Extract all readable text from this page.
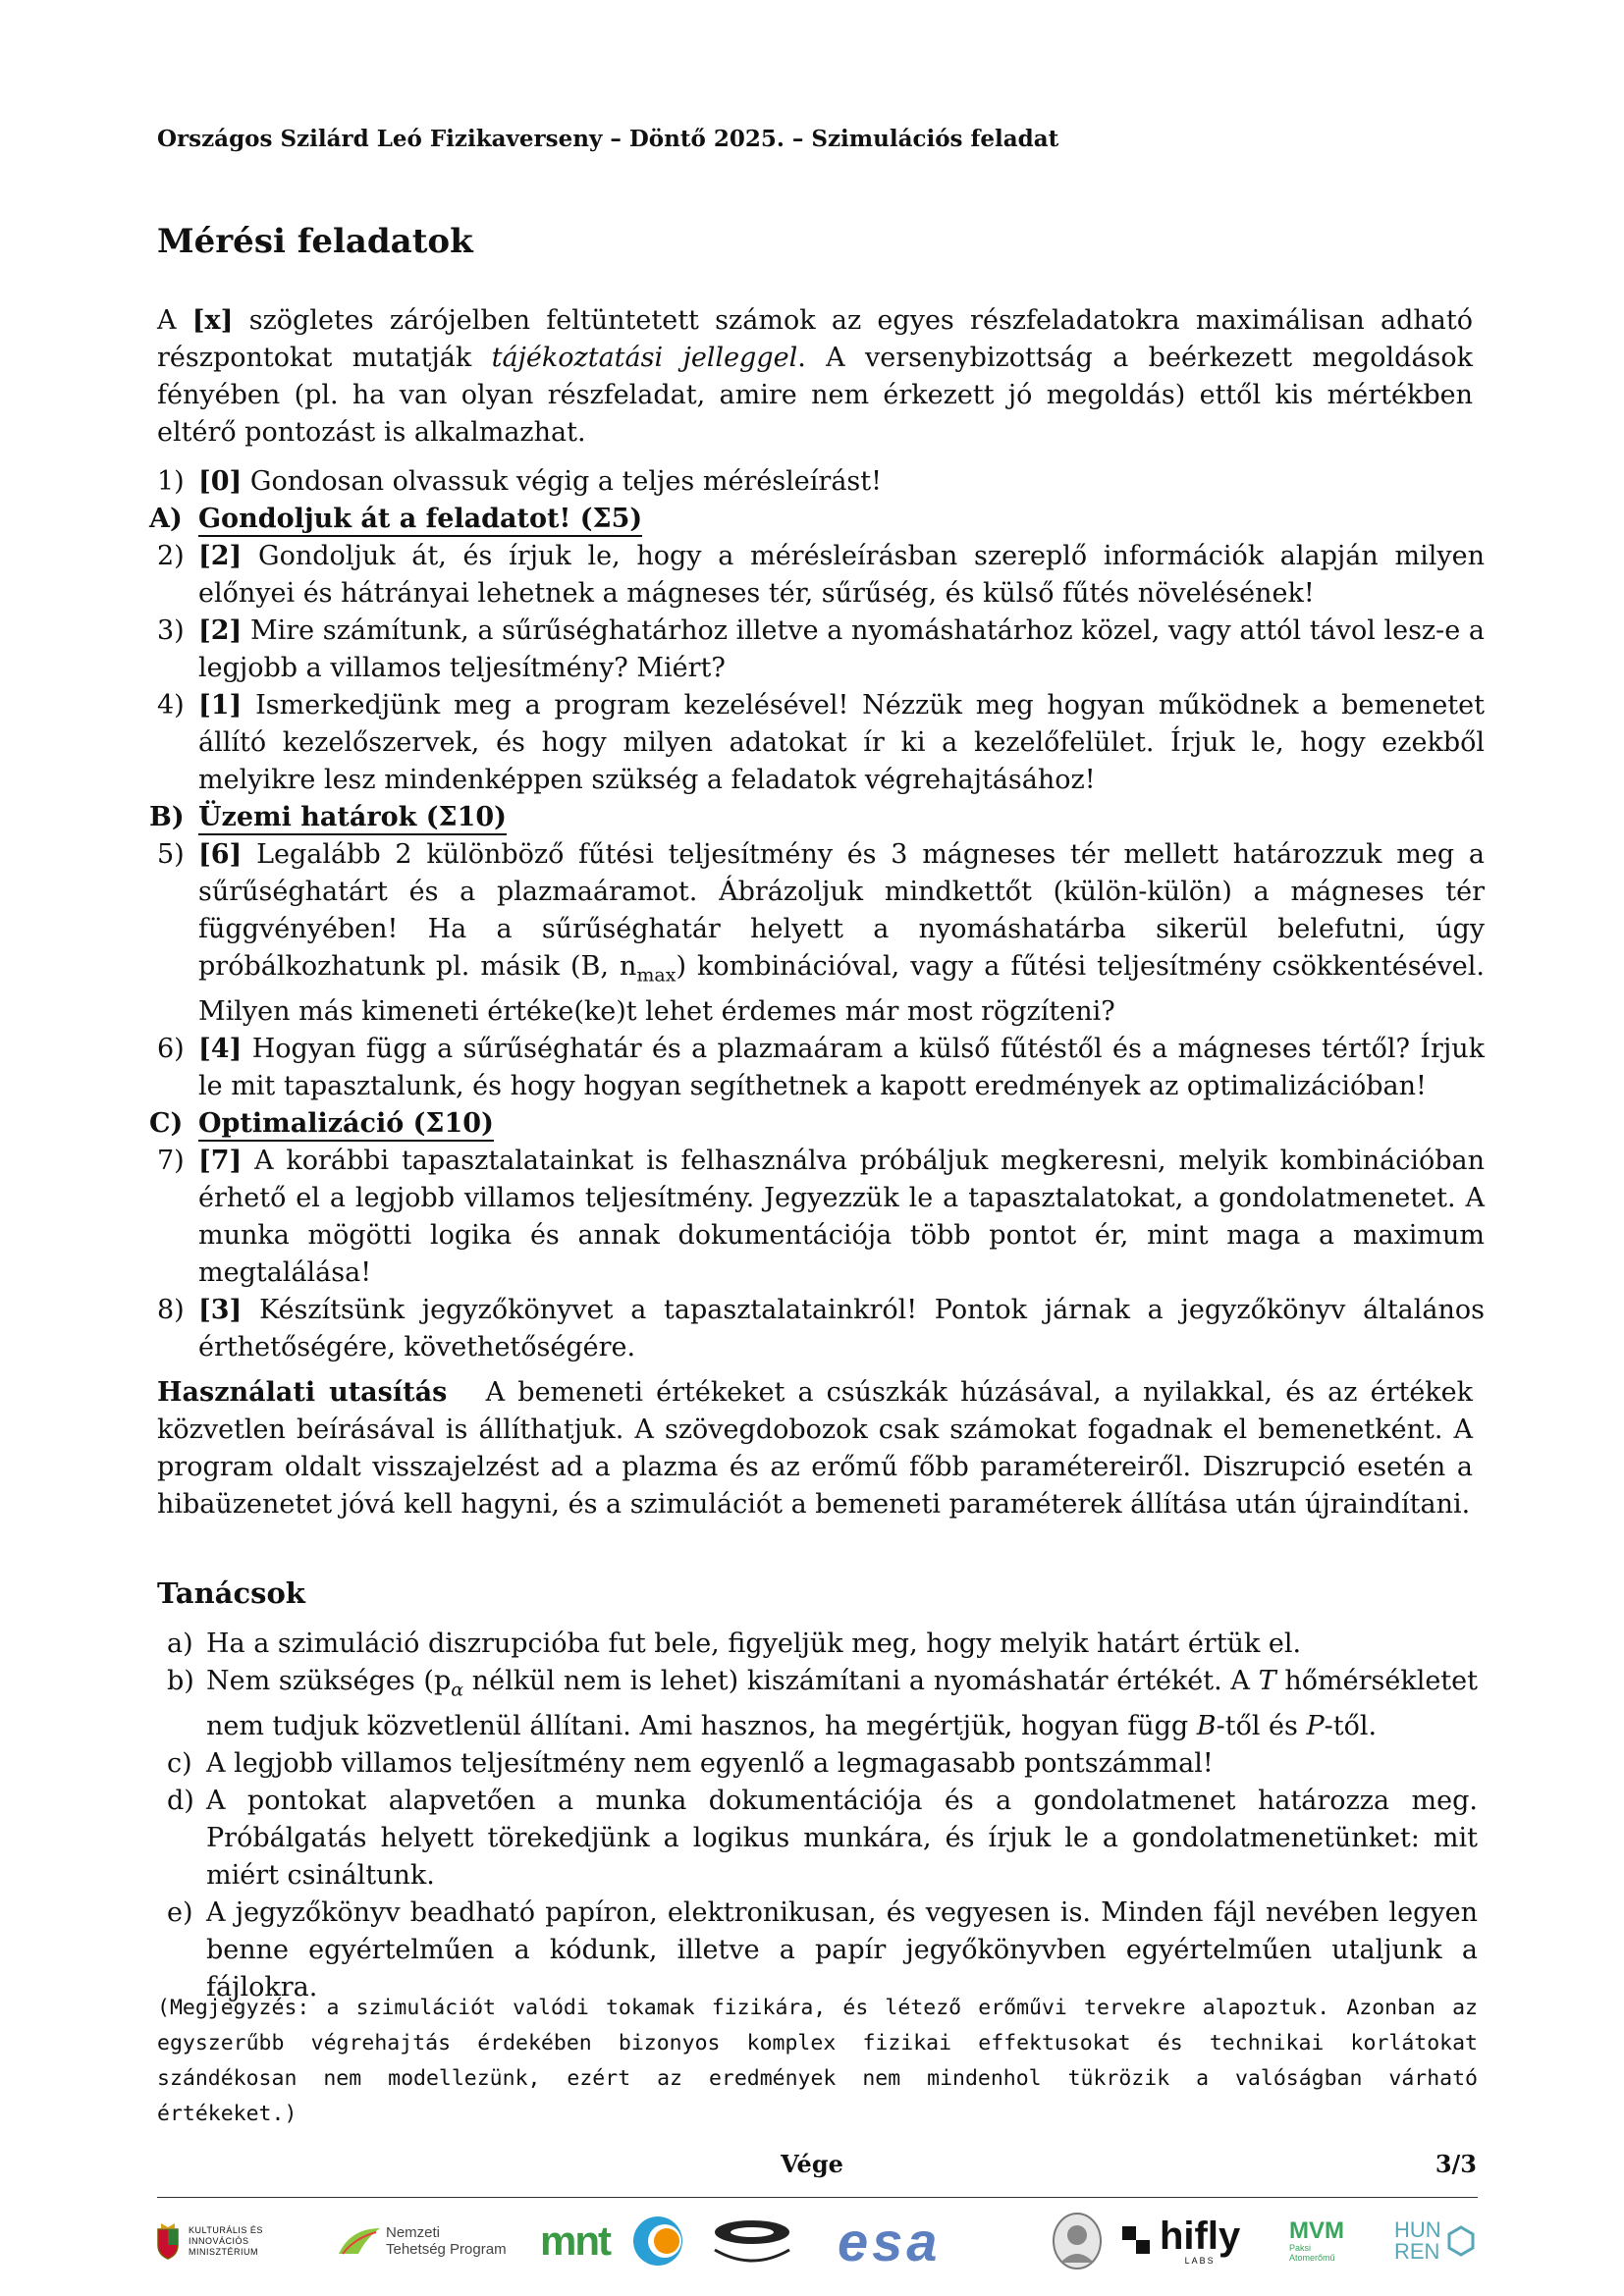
Országos Szilárd Leó Fizikaverseny – Döntő 2025. – Szimulációs feladat
Mérési feladatok
A [x] szögletes zárójelben feltüntetett számok az egyes részfeladatokra maximálisan adható részpontokat mutatják tájékoztatási jelleggel. A versenybizottság a beérkezett megoldások fényében (pl. ha van olyan részfeladat, amire nem érkezett jó megoldás) ettől kis mértékben eltérő pontozást is alkalmazhat.
1) [0] Gondosan olvassuk végig a teljes mérésleírást!
A) Gondoljuk át a feladatot! (Σ5)
2) [2] Gondoljuk át, és írjuk le, hogy a mérésleírásban szereplő információk alapján milyen előnyei és hátrányai lehetnek a mágneses tér, sűrűség, és külső fűtés növelésének!
3) [2] Mire számítunk, a sűrűséghatárhoz illetve a nyomáshatárhoz közel, vagy attól távol lesz-e a legjobb a villamos teljesítmény? Miért?
4) [1] Ismerkedjünk meg a program kezelésével! Nézzük meg hogyan működnek a bemenetet állító kezelőszervek, és hogy milyen adatokat ír ki a kezelőfelület. Írjuk le, hogy ezekből melyikre lesz mindenképpen szükség a feladatok végrehajtásához!
B) Üzemi határok (Σ10)
5) [6] Legalább 2 különböző fűtési teljesítmény és 3 mágneses tér mellett határozzuk meg a sűrűséghatárt és a plazmaáramot. Ábrázoljuk mindkettőt (külön-külön) a mágneses tér függvényében! Ha a sűrűséghatár helyett a nyomáshatárba sikerül belefutni, úgy próbálkozhatunk pl. másik (B, $n_{max}$) kombinációval, vagy a fűtési teljesítmény csökkentésével. Milyen más kimeneti értéke(ke)t lehet érdemes már most rögzíteni?
6) [4] Hogyan függ a sűrűséghatár és a plazmaáram a külső fűtéstől és a mágneses tértől? Írjuk le mit tapasztalunk, és hogy hogyan segíthetnek a kapott eredmények az optimalizációban!
C) Optimalizáció (Σ10)
7) [7] A korábbi tapasztalatainkat is felhasználva próbáljuk megkeresni, melyik kombinációban érhető el a legjobb villamos teljesítmény. Jegyezzük le a tapasztalatokat, a gondolatmenetet. A munka mögötti logika és annak dokumentációja több pontot ér, mint maga a maximum megtalálása!
8) [3] Készítsünk jegyzőkönyvet a tapasztalatainkról! Pontok járnak a jegyzőkönyv általános érthetőségére, követhetőségére.
Használati utasítás A bemeneti értékeket a csúszkák húzásával, a nyilakkal, és az értékek közvetlen beírásával is állíthatjuk. A szövegdobozok csak számokat fogadnak el bemenetként. A program oldalt visszajelzést ad a plazma és az erőmű főbb paramétereiről. Diszrupció esetén a hibaüzenetet jóvá kell hagyni, és a szimulációt a bemeneti paraméterek állítása után újraindítani.
Tanácsok
a) Ha a szimuláció diszrupcióba fut bele, figyeljük meg, hogy melyik határt értük el.
b) Nem szükséges ($p_\alpha$ nélkül nem is lehet) kiszámítani a nyomáshatár értékét. A T hőmérsékletet nem tudjuk közvetlenül állítani. Ami hasznos, ha megértjük, hogyan függ B-től és P-től.
c) A legjobb villamos teljesítmény nem egyenlő a legmagasabb pontszámmal!
d) A pontokat alapvetően a munka dokumentációja és a gondolatmenet határozza meg. Próbálgatás helyett törekedjünk a logikus munkára, és írjuk le a gondolatmenetünket: mit miért csináltunk.
e) A jegyzőkönyv beadható papíron, elektronikusan, és vegyesen is. Minden fájl nevében legyen benne egyértelműen a kódunk, illetve a papír jegyőkönyvben egyértelműen utaljunk a fájlokra.
(Megjegyzés: a szimulációt valódi tokamak fizikára, és létező erőművi tervekre alapoztuk. Azonban az egyszerűbb végrehajtás érdekében bizonyos komplex fizikai effektusokat és technikai korlátokat szándékosan nem modellezünk, ezért az eredmények nem mindenhol tükrözik a valóságban várható értékeket.)
Vége	3/3
KULTURÁLIS ÉS INNOVÁCIÓS MINISZTÉRIUM
Nemzeti
Tehetség Program mnt	esa	hifly
LABS
MVM
Paksi Atomerőmű
HUN
REN
